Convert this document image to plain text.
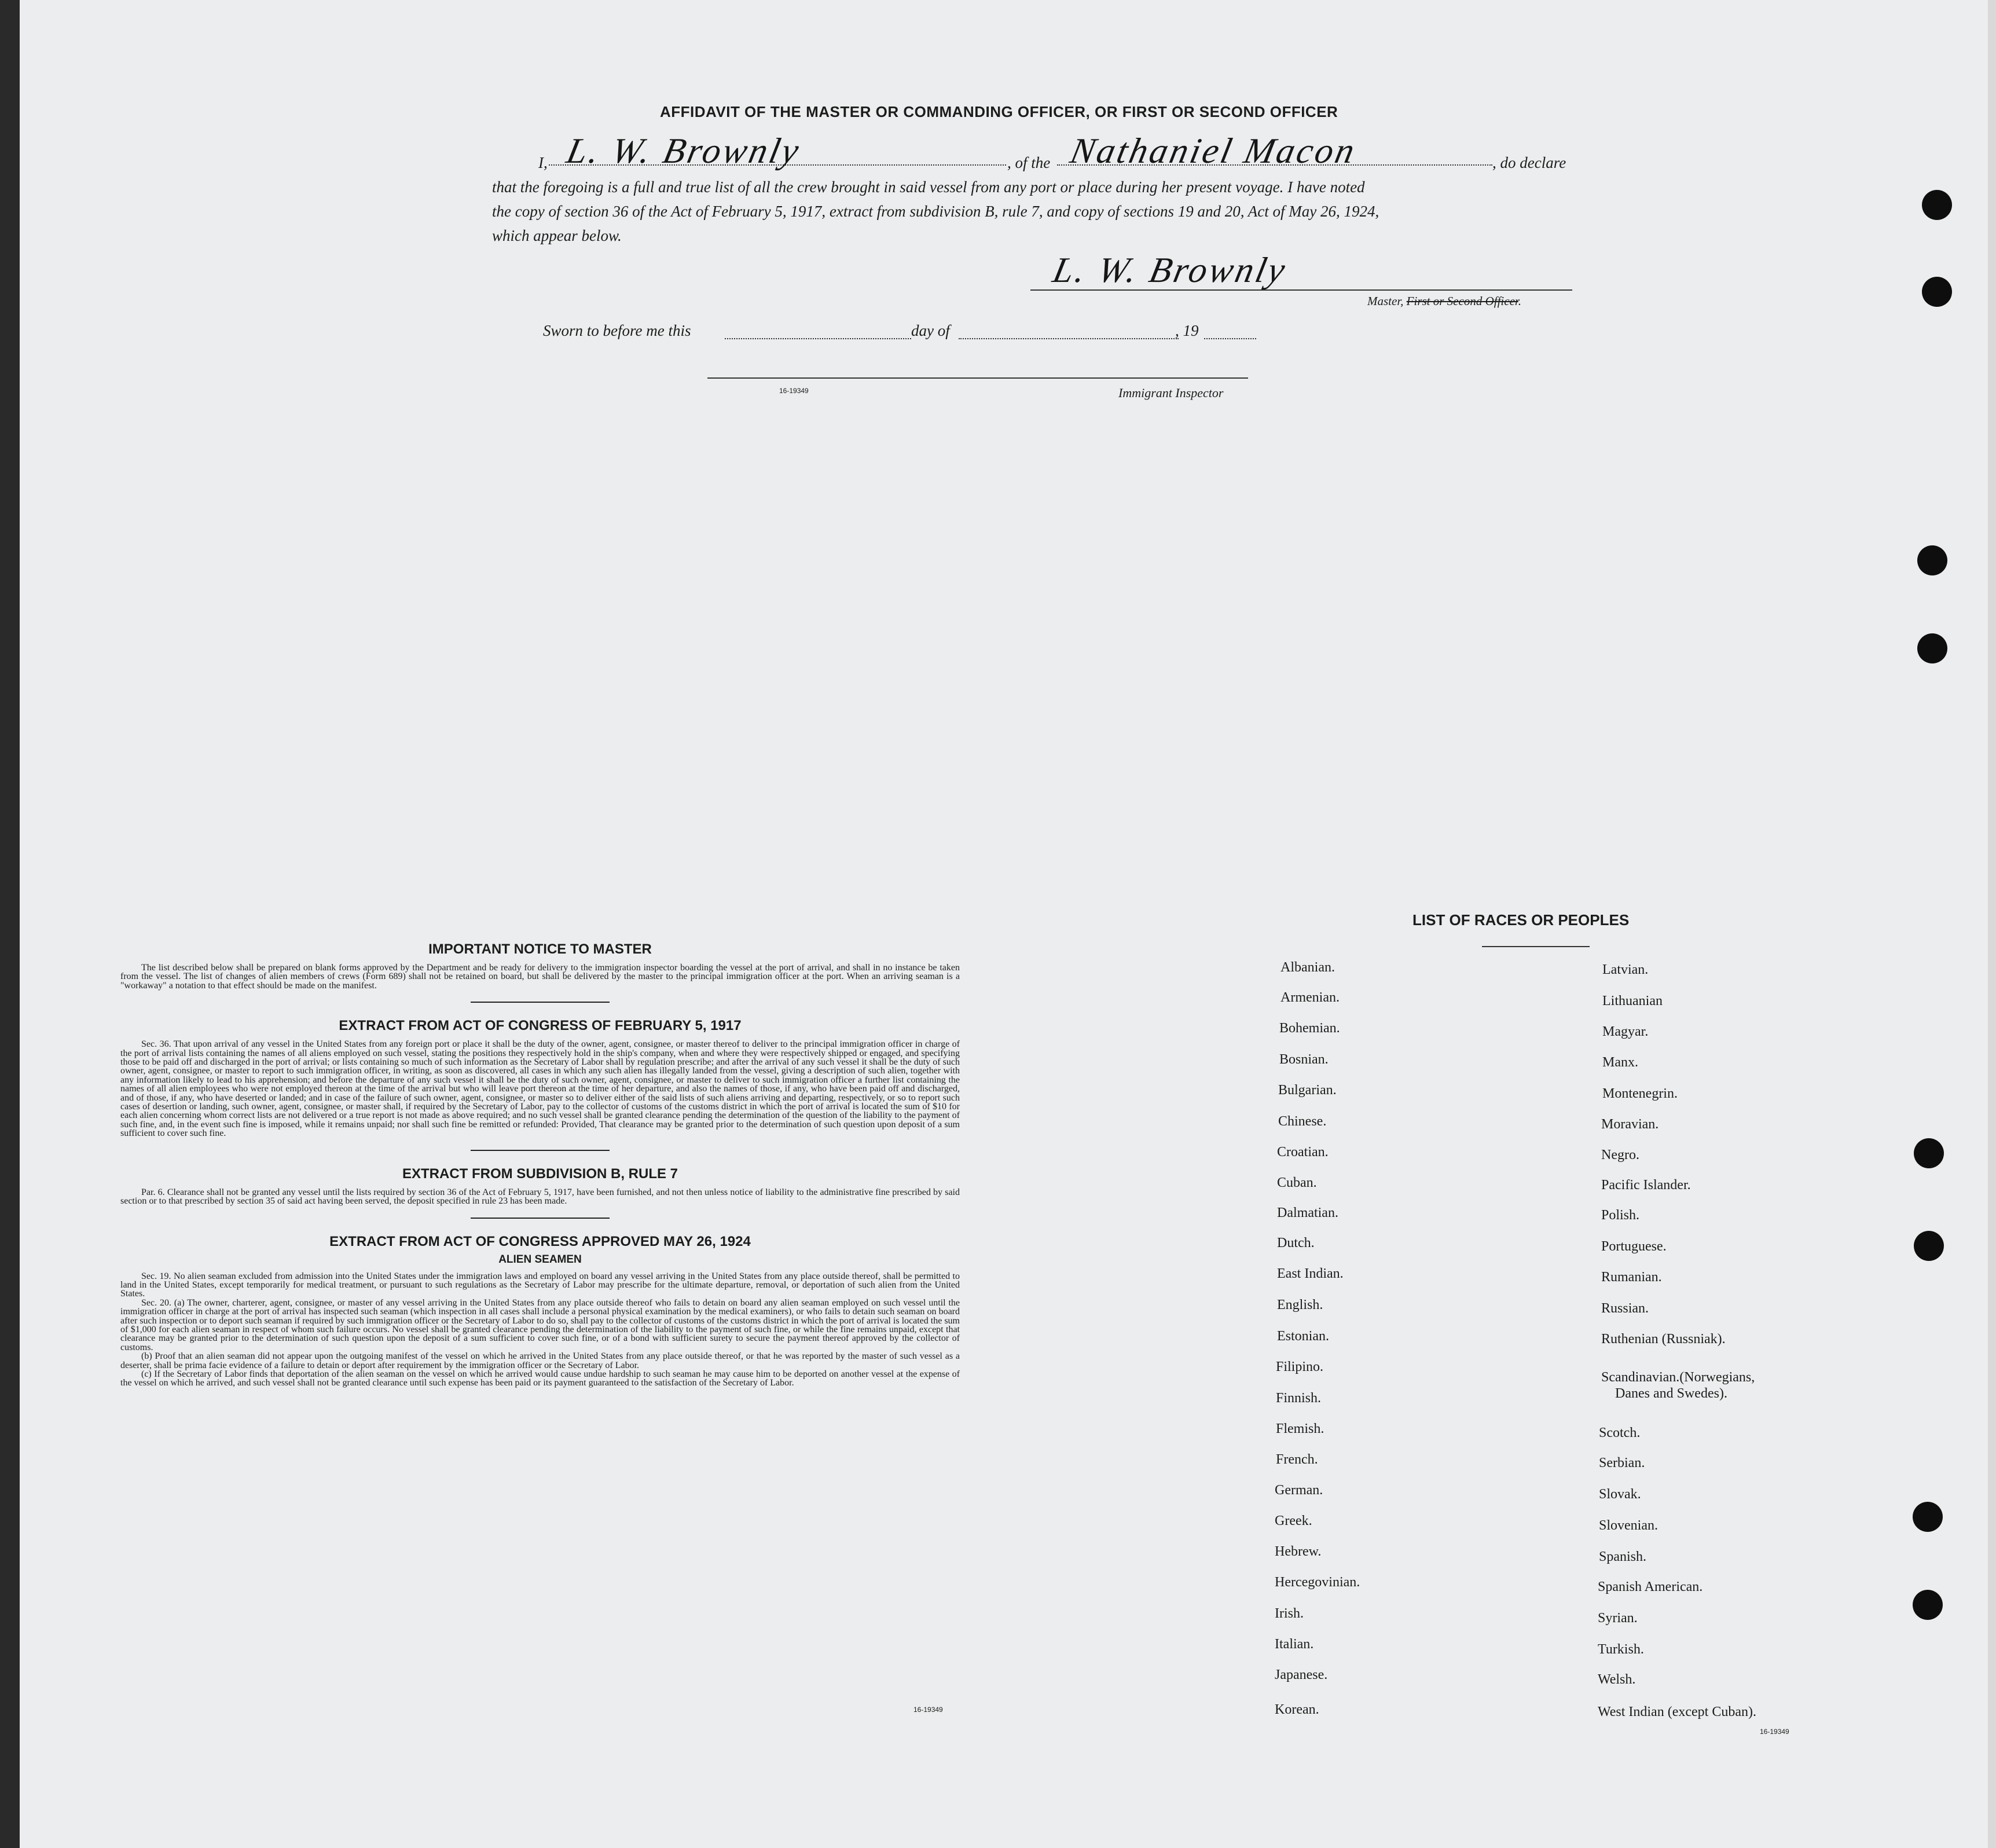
AFFIDAVIT OF THE MASTER OR COMMANDING OFFICER, OR FIRST OR SECOND OFFICER
I, L. W. Brownly	, of the Nathaniel Macon	, do declare
that the foregoing is a full and true list of all the crew brought in said vessel from any port or place during her present voyage. I have noted
the copy of section 36 of the Act of February 5, 1917, extract from subdivision B, rule 7, and copy of sections 19 and 20, Act of May 26, 1924,
which appear below.
L. W. Brownly
Master, First or Second Officer.
Sworn to before me this	day of	, 19
16-19349	Immigrant Inspector
IMPORTANT NOTICE TO MASTER

The list described below shall be prepared on blank forms approved by the Department and be ready for delivery to the immigration inspector boarding the vessel at the port of arrival, and shall in no instance be taken from the vessel. The list of changes of alien members of crews (Form 689) shall not be retained on board, but shall be delivered by the master to the principal immigration officer at the port. When an arriving seaman is a "workaway" a notation to that effect should be made on the manifest.

EXTRACT FROM ACT OF CONGRESS OF FEBRUARY 5, 1917

Sec. 36. That upon arrival of any vessel in the United States from any foreign port or place it shall be the duty of the owner, agent, consignee, or master thereof to deliver to the principal immigration officer in charge of the port of arrival lists containing the names of all aliens employed on such vessel, stating the positions they respectively hold in the ship's company, when and where they were respectively shipped or engaged, and specifying those to be paid off and discharged in the port of arrival; or lists containing so much of such information as the Secretary of Labor shall by regulation prescribe; and after the arrival of any such vessel it shall be the duty of such owner, agent, consignee, or master to report to such immigration officer, in writing, as soon as discovered, all cases in which any such alien has illegally landed from the vessel, giving a description of such alien, together with any information likely to lead to his apprehension; and before the departure of any such vessel it shall be the duty of such owner, agent, consignee, or master to deliver to such immigration officer a further list containing the names of all alien employees who were not employed thereon at the time of the arrival but who will leave port thereon at the time of her departure, and also the names of those, if any, who have been paid off and discharged, and of those, if any, who have deserted or landed; and in case of the failure of such owner, agent, consignee, or master so to deliver either of the said lists of such aliens arriving and departing, respectively, or so to report such cases of desertion or landing, such owner, agent, consignee, or master shall, if required by the Secretary of Labor, pay to the collector of customs of the customs district in which the port of arrival is located the sum of $10 for each alien concerning whom correct lists are not delivered or a true report is not made as above required; and no such vessel shall be granted clearance pending the determination of the question of the liability to the payment of such fine, and, in the event such fine is imposed, while it remains unpaid; nor shall such fine be remitted or refunded: Provided, That clearance may be granted prior to the determination of such question upon deposit of a sum sufficient to cover such fine.

EXTRACT FROM SUBDIVISION B, RULE 7

Par. 6. Clearance shall not be granted any vessel until the lists required by section 36 of the Act of February 5, 1917, have been furnished, and not then unless notice of liability to the administrative fine prescribed by said section or to that prescribed by section 35 of said act having been served, the deposit specified in rule 23 has been made.

EXTRACT FROM ACT OF CONGRESS APPROVED MAY 26, 1924
ALIEN SEAMEN

Sec. 19. No alien seaman excluded from admission into the United States under the immigration laws and employed on board any vessel arriving in the United States from any place outside thereof, shall be permitted to land in the United States, except temporarily for medical treatment, or pursuant to such regulations as the Secretary of Labor may prescribe for the ultimate departure, removal, or deportation of such alien from the United States.

Sec. 20. (a) The owner, charterer, agent, consignee, or master of any vessel arriving in the United States from any place outside thereof who fails to detain on board any alien seaman employed on such vessel until the immigration officer in charge at the port of arrival has inspected such seaman (which inspection in all cases shall include a personal physical examination by the medical examiners), or who fails to detain such seaman on board after such inspection or to deport such seaman if required by such immigration officer or the Secretary of Labor to do so, shall pay to the collector of customs of the customs district in which the port of arrival is located the sum of $1,000 for each alien seaman in respect of whom such failure occurs. No vessel shall be granted clearance pending the determination of the liability to the payment of such fine, or while the fine remains unpaid, except that clearance may be granted prior to the determination of such question upon the deposit of a sum sufficient to cover such fine, or of a bond with sufficient surety to secure the payment thereof approved by the collector of customs.

(b) Proof that an alien seaman did not appear upon the outgoing manifest of the vessel on which he arrived in the United States from any place outside thereof, or that he was reported by the master of such vessel as a deserter, shall be prima facie evidence of a failure to detain or deport after requirement by the immigration officer or the Secretary of Labor.

(c) If the Secretary of Labor finds that deportation of the alien seaman on the vessel on which he arrived would cause undue hardship to such seaman he may cause him to be deported on another vessel at the expense of the vessel on which he arrived, and such vessel shall not be granted clearance until such expense has been paid or its payment guaranteed to the satisfaction of the Secretary of Labor.

16-19349
LIST OF RACES OR PEOPLES
Albanian.
Armenian.
Bohemian.
Bosnian.
Bulgarian.
Chinese.
Croatian.
Cuban.
Dalmatian.
Dutch.
East Indian.
English.
Estonian.
Filipino.
Finnish.
Flemish.
French.
German.
Greek.
Hebrew.
Hercegovinian.
Irish.
Italian.
Japanese.
Korean.
Latvian.
Lithuanian
Magyar.
Manx.
Montenegrin.
Moravian.
Negro.
Pacific Islander.
Polish.
Portuguese.
Rumanian.
Russian.
Ruthenian (Russniak).
Scandinavian.(Norwegians,
Danes and Swedes).
Scotch.
Serbian.
Slovak.
Slovenian.
Spanish.
Spanish American.
Syrian.
Turkish.
Welsh.
West Indian (except Cuban).
16-19349
